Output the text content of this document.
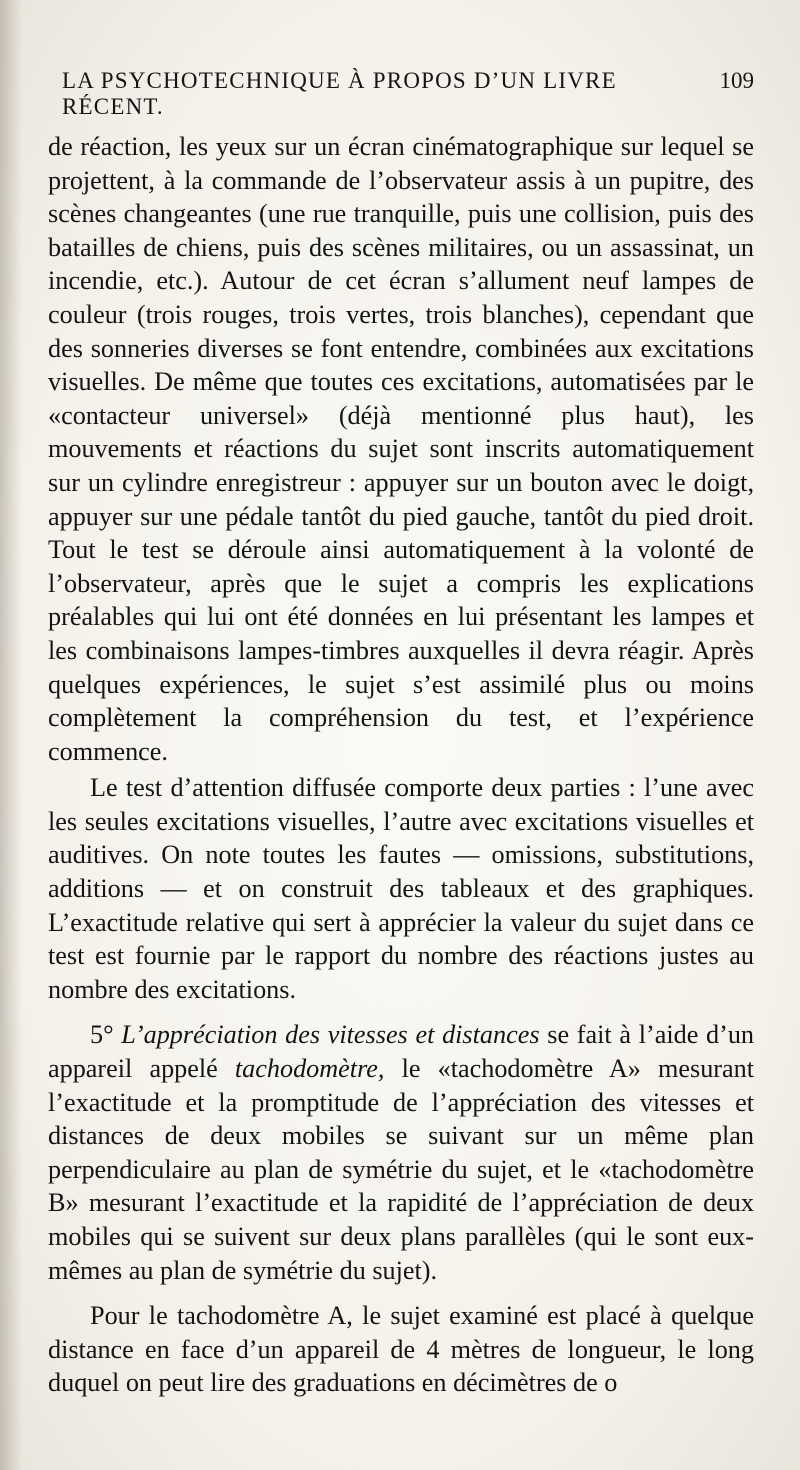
LA PSYCHOTECHNIQUE À PROPOS D’UN LIVRE RÉCENT.
109

de réaction, les yeux sur un écran cinématographique sur lequel se projettent, à la commande de l’observateur assis à un pupitre, des scènes changeantes (une rue tranquille, puis une collision, puis des batailles de chiens, puis des scènes militaires, ou un assassinat, un incendie, etc.). Autour de cet écran s’allument neuf lampes de couleur (trois rouges, trois vertes, trois blanches), cependant que des sonneries diverses se font entendre, combinées aux excitations visuelles. De même que toutes ces excitations, automatisées par le «contacteur universel» (déjà mentionné plus haut), les mouvements et réactions du sujet sont inscrits automatiquement sur un cylindre enregistreur : appuyer sur un bouton avec le doigt, appuyer sur une pédale tantôt du pied gauche, tantôt du pied droit. Tout le test se déroule ainsi automatiquement à la volonté de l’observateur, après que le sujet a compris les explications préalables qui lui ont été données en lui présentant les lampes et les combinaisons lampes-timbres auxquelles il devra réagir. Après quelques expériences, le sujet s’est assimilé plus ou moins complètement la compréhension du test, et l’expérience commence.

Le test d’attention diffusée comporte deux parties : l’une avec les seules excitations visuelles, l’autre avec excitations visuelles et auditives. On note toutes les fautes — omissions, substitutions, additions — et on construit des tableaux et des graphiques. L’exactitude relative qui sert à apprécier la valeur du sujet dans ce test est fournie par le rapport du nombre des réactions justes au nombre des excitations.

5° L’appréciation des vitesses et distances se fait à l’aide d’un appareil appelé tachodomètre, le «tachodomètre A» mesurant l’exactitude et la promptitude de l’appréciation des vitesses et distances de deux mobiles se suivant sur un même plan perpendiculaire au plan de symétrie du sujet, et le «tachodomètre B» mesurant l’exactitude et la rapidité de l’appréciation de deux mobiles qui se suivent sur deux plans parallèles (qui le sont eux-mêmes au plan de symétrie du sujet).

Pour le tachodomètre A, le sujet examiné est placé à quelque distance en face d’un appareil de 4 mètres de longueur, le long duquel on peut lire des graduations en décimètres de o
